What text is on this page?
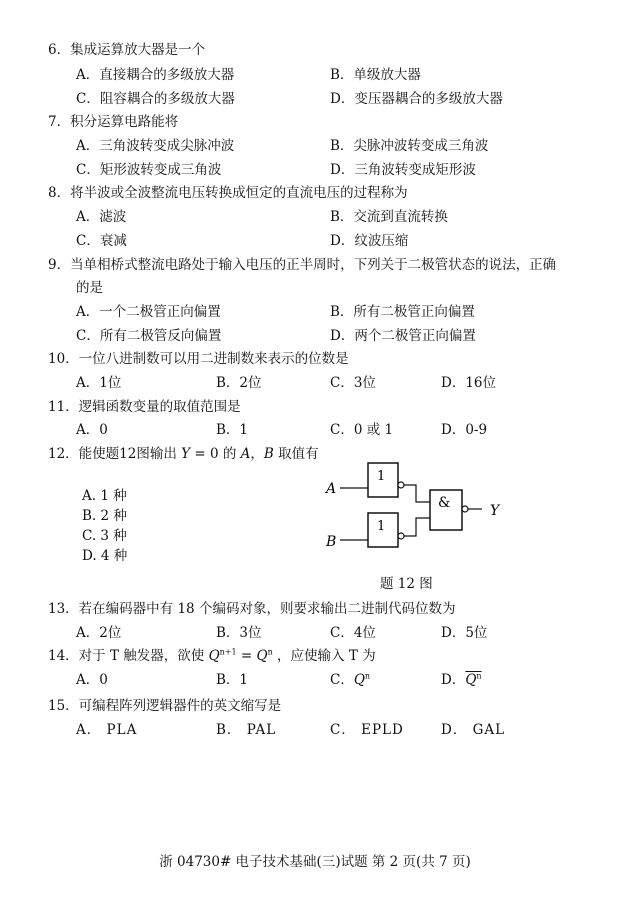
6．集成运算放大器是一个
A．直接耦合的多级放大器	B．单级放大器
C．阻容耦合的多级放大器	D．变压器耦合的多级放大器
7．积分运算电路能将
A．三角波转变成尖脉冲波	B．尖脉冲波转变成三角波
C．矩形波转变成三角波	D．三角波转变成矩形波
8．将半波或全波整流电压转换成恒定的直流电压的过程称为
A．滤波	B．交流到直流转换
C．衰减	D．纹波压缩
9．当单相桥式整流电路处于输入电压的正半周时，下列关于二极管状态的说法，正确
的是
A．一个二极管正向偏置	B．所有二极管正向偏置
C．所有二极管反向偏置	D．两个二极管正向偏置
10．一位八进制数可以用二进制数来表示的位数是
A．1位	B．2位	C．3位	D．16位
11．逻辑函数变量的取值范围是
A．0	B．1	C．0 或 1	D．0-9
12．能使题12图输出 Y = 0 的 A，B 取值有
A. 1 种
B. 2 种
C. 3 种
D. 4 种
A
B
1
1
&	Y
题 12 图
13．若在编码器中有 18 个编码对象，则要求输出二进制代码位数为
A．2位	B．3位	C．4位	D．5位
14．对于 T 触发器，欲使 $Q^{n+1} = Q^n$ ，应使输入 T 为
A．0	B．1	C．$Q^n$	D．$Q^n$
15．可编程阵列逻辑器件的英文缩写是
A． PLA	B． PAL	C． EPLD	D． GAL
浙 04730# 电子技术基础(三)试题 第 2 页(共 7 页)
